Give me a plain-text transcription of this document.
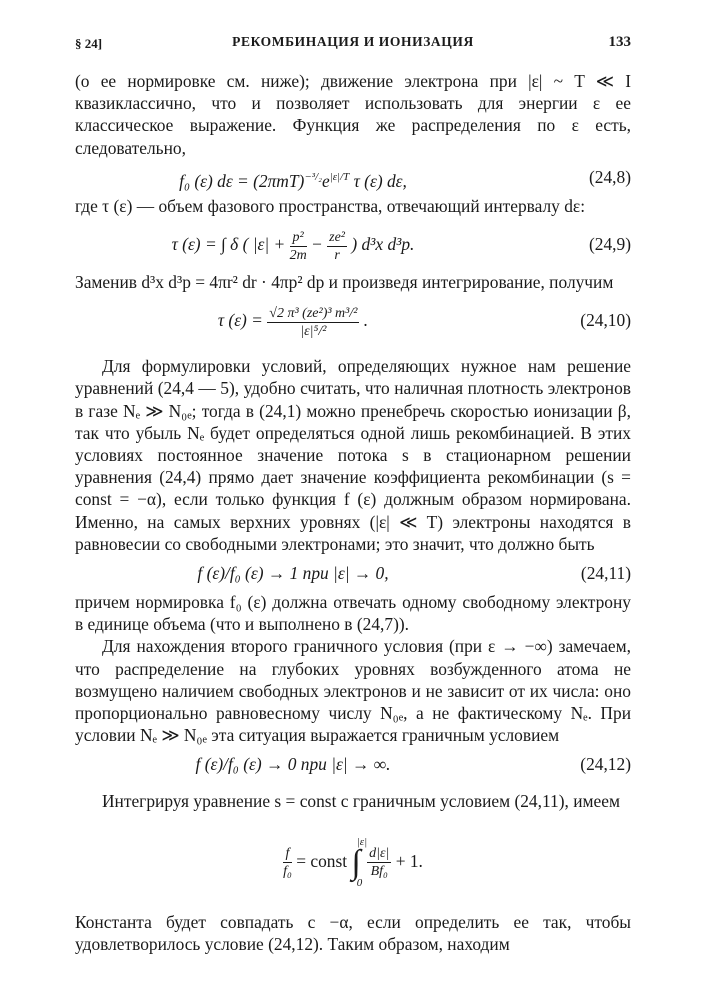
§ 24]	РЕКОМБИНАЦИЯ И ИОНИЗАЦИЯ	133

(о ее нормировке см. ниже); движение электрона при |ε| ~ T ≪ I квазиклассично, что и позволяет использовать для энергии ε ее классическое выражение. Функция же распределения по ε есть, следовательно,

f₀ (ε) $d\varepsilon = (2\pi mT)^{-^3/_2}e^{|\varepsilon|/T}$ τ (ε) dε,	(24,8)

где τ (ε) — объем фазового пространства, отвечающий интервалу dε:

τ (ε) = ∫ δ ( $|\varepsilon| + \frac{\text{p²}}{2m} - \frac{\text{ze²}}{r}$ ) d³x d³p.	(24,9)

Заменив d³x d³p = 4πr² dr · 4πp² dp и произведя интегрирование, получим

τ $(\varepsilon) = \frac{\text{√2 π³ (ze²)³ m³/²}}{\text{|ε|⁵/²}}$ .	(24,10)

Для формулировки условий, определяющих нужное нам решение уравнений (24,4 — 5), удобно считать, что наличная плотность электронов в газе Nₑ ≫ N₀ₑ; тогда в (24,1) можно пренебречь скоростью ионизации β, так что убыль Nₑ будет определяться одной лишь рекомбинацией. В этих условиях постоянное значение потока s в стационарном решении уравнения (24,4) прямо дает значение коэффициента рекомбинации (s = const = −α), если только функция f (ε) должным образом нормирована. Именно, на самых верхних уровнях (|ε| ≪ T) электроны находятся в равновесии со свободными электронами; это значит, что должно быть

f (ε)/f₀ (ε) → 1 при |ε| → 0,	(24,11)

причем нормировка f₀ (ε) должна отвечать одному свободному электрону в единице объема (что и выполнено в (24,7)).

Для нахождения второго граничного условия (при ε → −∞) замечаем, что распределение на глубоких уровнях возбужденного атома не возмущено наличием свободных электронов и не зависит от их числа: оно пропорционально равновесному числу N₀ₑ, а не фактическому Nₑ. При условии Nₑ ≫ N₀ₑ эта ситуация выражается граничным условием

f (ε)/f₀ (ε) → 0 при |ε| → ∞.	(24,12)

Интегрируя уравнение s = const с граничным условием (24,11), имеем

$\frac{f}{\text{f₀}}$ = const ∫
|ε|
0
$\frac{d|\varepsilon|}{\text{Bf₀}} + 1$.

Константа будет совпадать с −α, если определить ее так, чтобы удовлетворилось условие (24,12). Таким образом, находим
